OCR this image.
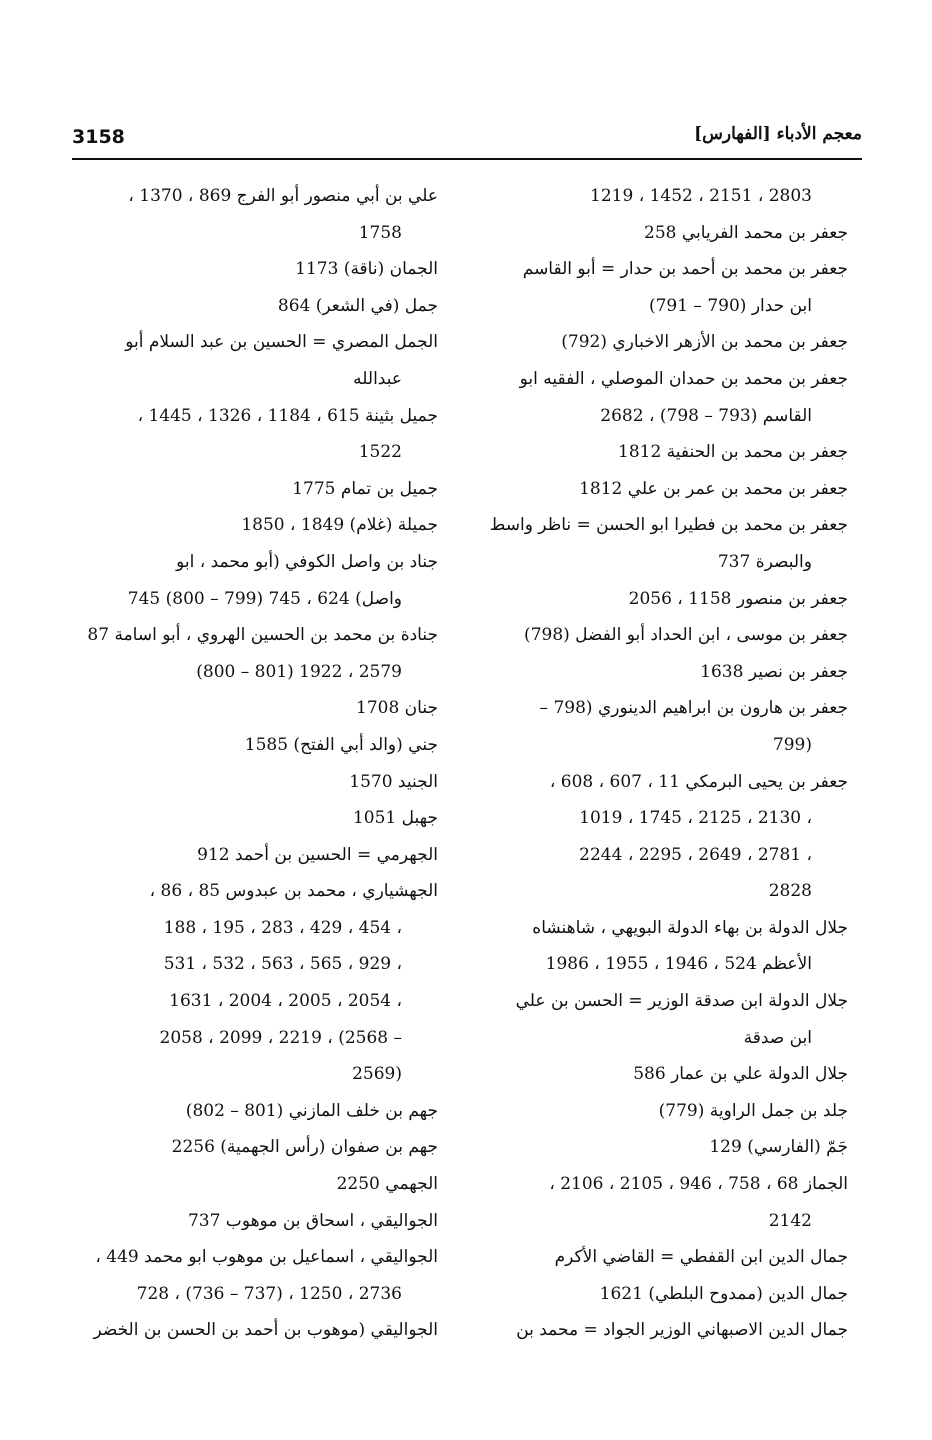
3158	معجم الأدباء [الفهارس]
1219 ، 1452 ، 2151 ، 2803
جعفر بن محمد الفريابي 258
جعفر بن محمد بن أحمد بن حدار = أبو القاسم
ابن حدار (790 – 791)
جعفر بن محمد بن الأزهر الاخباري (792)
جعفر بن محمد بن حمدان الموصلي ، الفقيه ابو
القاسم (793 – 798) ، 2682
جعفر بن محمد بن الحنفية 1812
جعفر بن محمد بن عمر بن علي 1812
جعفر بن محمد بن فطيرا ابو الحسن = ناظر واسط
والبصرة 737
جعفر بن منصور 1158 ، 2056
جعفر بن موسى ، ابن الحداد أبو الفضل (798)
جعفر بن نصير 1638
جعفر بن هارون بن ابراهيم الدينوري (798 –
799)
جعفر بن يحيى البرمكي 11 ، 607 ، 608 ،
1019 ، 1745 ، 2125 ، 2130 ،
2244 ، 2295 ، 2649 ، 2781 ،
2828
جلال الدولة بن بهاء الدولة البويهي ، شاهنشاه
الأعظم 524 ، 1946 ، 1955 ، 1986
جلال الدولة ابن صدقة الوزير = الحسن بن علي
ابن صدقة
جلال الدولة علي بن عمار 586
جلد بن جمل الراوية (779)
جَمّ (الفارسي) 129
الجماز 68 ، 758 ، 946 ، 2105 ، 2106 ،
2142
جمال الدين ابن القفطي = القاضي الأكرم
جمال الدين (ممدوح البلطي) 1621
جمال الدين الاصبهاني الوزير الجواد = محمد بن
علي بن أبي منصور أبو الفرج 869 ، 1370 ،
1758
الجمان (ناقة) 1173
جمل (في الشعر) 864
الجمل المصري = الحسين بن عبد السلام أبو
عبدالله
جميل بثينة 615 ، 1184 ، 1326 ، 1445 ،
1522
جميل بن تمام 1775
جميلة (غلام) 1849 ، 1850
جناد بن واصل الكوفي (أبو محمد ، ابو
واصل) 624 ، 745 (799 – 800) 745
جنادة بن محمد بن الحسين الهروي ، أبو اسامة 87
(800 – 801) 1922 ، 2579
جنان 1708
جني (والد أبي الفتح) 1585
الجنيد 1570
جهبل 1051
الجهرمي = الحسين بن أحمد 912
الجهشياري ، محمد بن عبدوس 85 ، 86 ،
188 ، 195 ، 283 ، 429 ، 454 ،
531 ، 532 ، 563 ، 565 ، 929 ،
1631 ، 2004 ، 2005 ، 2054 ،
2058 ، 2099 ، 2219 ، (2568 –
2569)
جهم بن خلف المازني (801 – 802)
جهم بن صفوان (رأس الجهمية) 2256
الجهمي 2250
الجواليقي ، اسحاق بن موهوب 737
الجواليقي ، اسماعيل بن موهوب ابو محمد 449 ،
728 ، (736 – 737) ، 1250 ، 2736
الجواليقي (موهوب بن أحمد بن الحسن بن الخضر
